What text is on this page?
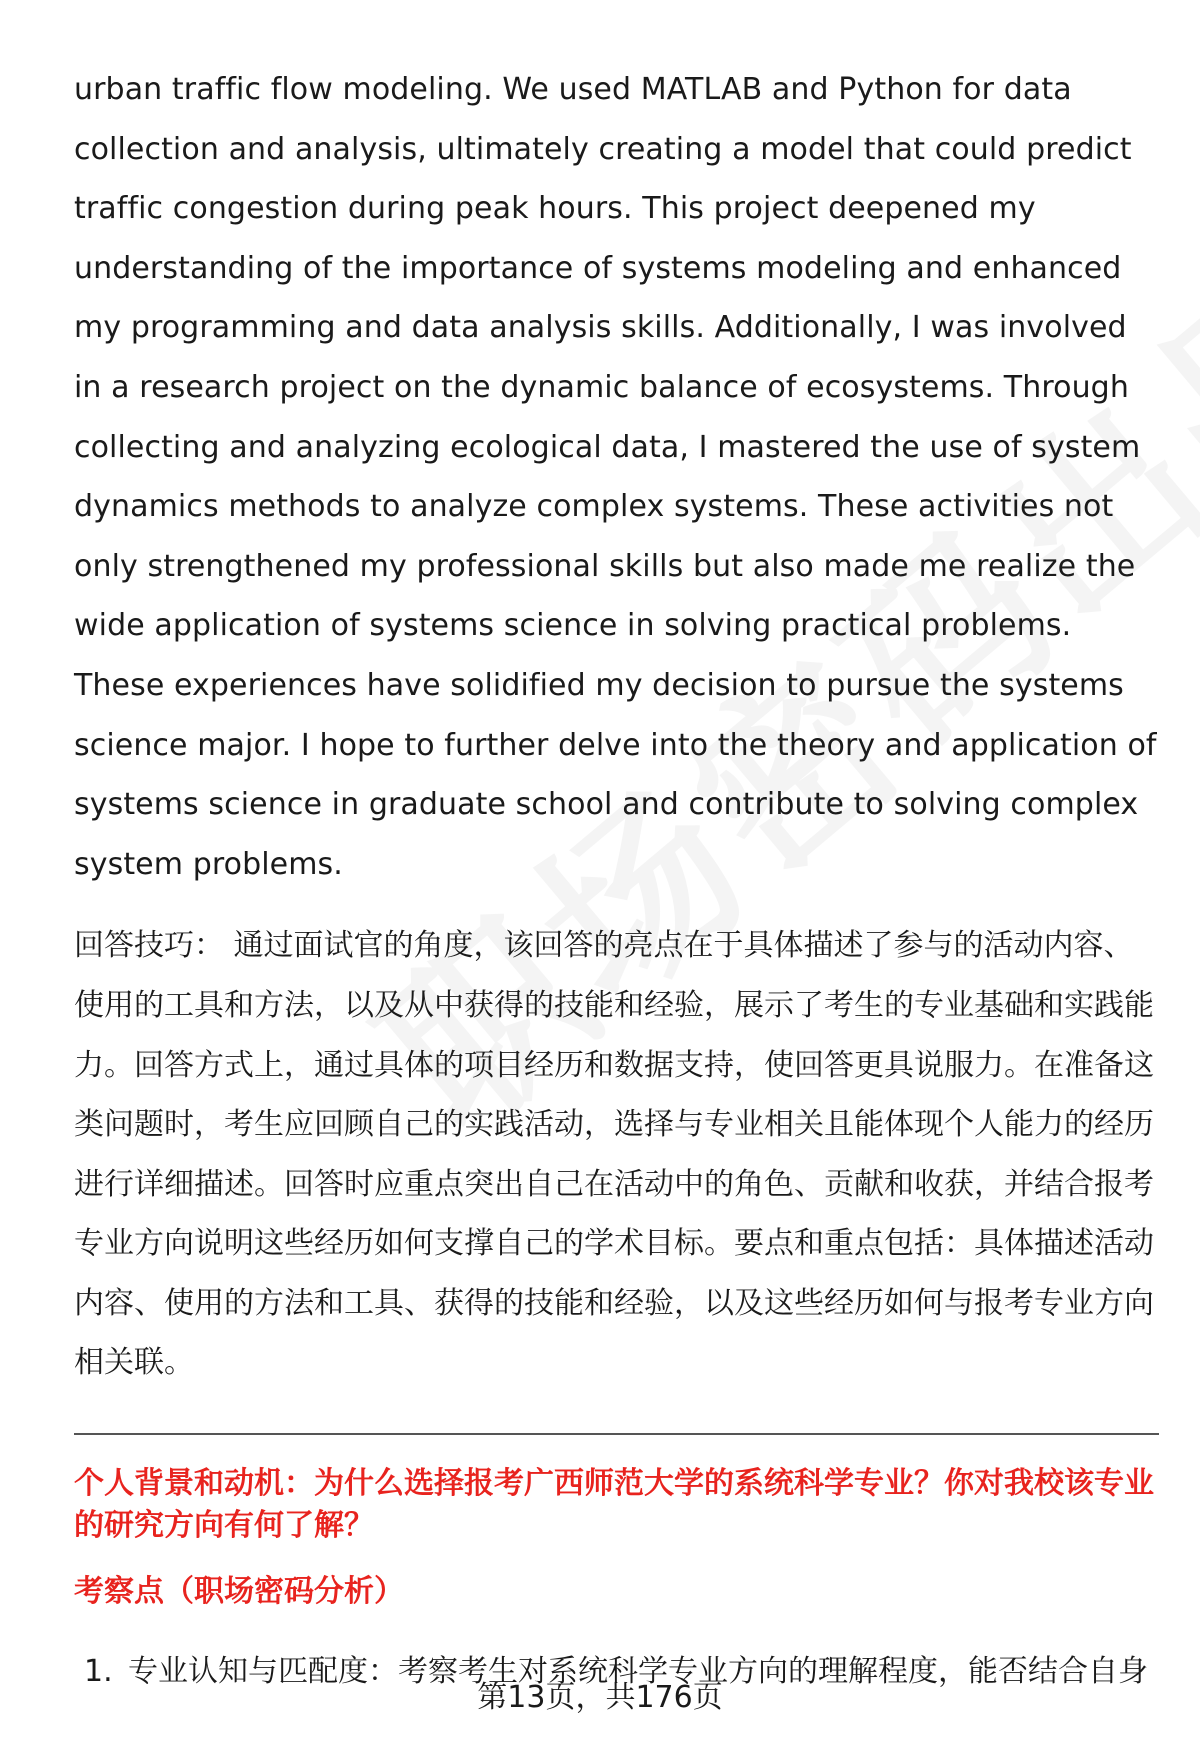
urban traffic flow modeling. We used MATLAB and Python for data collection and analysis, ultimately creating a model that could predict traffic congestion during peak hours. This project deepened my understanding of the importance of systems modeling and enhanced my programming and data analysis skills. Additionally, I was involved in a research project on the dynamic balance of ecosystems. Through collecting and analyzing ecological data, I mastered the use of system dynamics methods to analyze complex systems. These activities not only strengthened my professional skills but also made me realize the wide application of systems science in solving practical problems. These experiences have solidified my decision to pursue the systems science major. I hope to further delve into the theory and application of systems science in graduate school and contribute to solving complex system problems.

回答技巧： 通过面试官的角度，该回答的亮点在于具体描述了参与的活动内容、使用的工具和方法，以及从中获得的技能和经验，展示了考生的专业基础和实践能力。回答方式上，通过具体的项目经历和数据支持，使回答更具说服力。在准备这类问题时，考生应回顾自己的实践活动，选择与专业相关且能体现个人能力的经历进行详细描述。回答时应重点突出自己在活动中的角色、贡献和收获，并结合报考专业方向说明这些经历如何支撑自己的学术目标。要点和重点包括：具体描述活动内容、使用的方法和工具、获得的技能和经验，以及这些经历如何与报考专业方向相关联。

个人背景和动机：为什么选择报考广西师范大学的系统科学专业？你对我校该专业的研究方向有何了解？

考察点（职场密码分析）

1. 专业认知与匹配度：考察考生对系统科学专业方向的理解程度，能否结合自身
第13页，共176页
